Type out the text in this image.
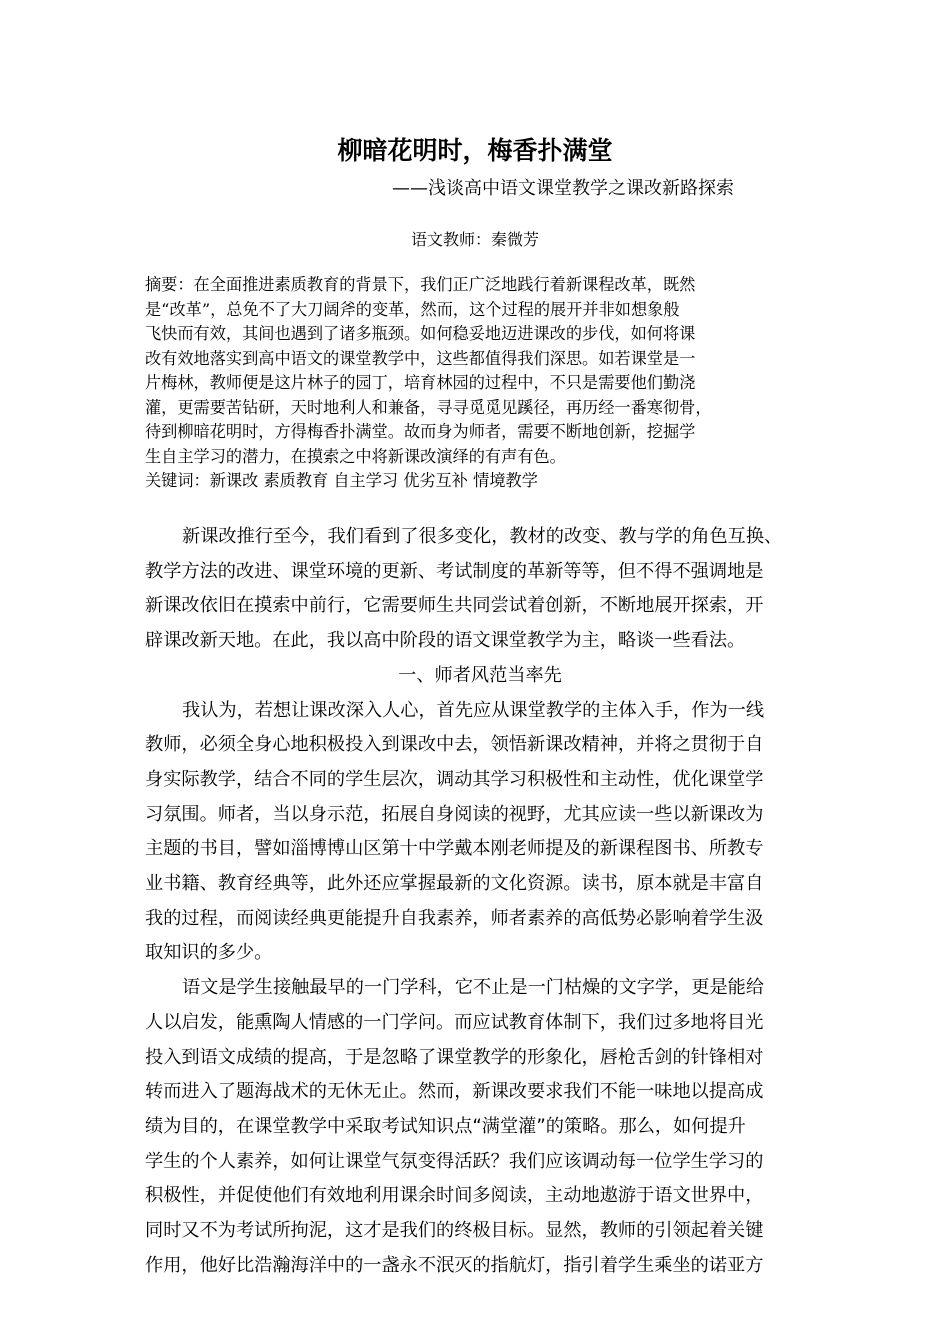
柳暗花明时，梅香扑满堂
——浅谈高中语文课堂教学之课改新路探索
语文教师：秦微芳
摘要：在全面推进素质教育的背景下，我们正广泛地践行着新课程改革，既然
是“改革”，总免不了大刀阔斧的变革，然而，这个过程的展开并非如想象般
飞快而有效，其间也遇到了诸多瓶颈。如何稳妥地迈进课改的步伐，如何将课
改有效地落实到高中语文的课堂教学中，这些都值得我们深思。如若课堂是一
片梅林，教师便是这片林子的园丁，培育林园的过程中，不只是需要他们勤浇
灌，更需要苦钻研，天时地利人和兼备，寻寻觅觅见蹊径，再历经一番寒彻骨，
待到柳暗花明时，方得梅香扑满堂。故而身为师者，需要不断地创新，挖掘学
生自主学习的潜力，在摸索之中将新课改演绎的有声有色。
关键词：新课改 素质教育 自主学习 优劣互补 情境教学
新课改推行至今，我们看到了很多变化，教材的改变、教与学的角色互换、
教学方法的改进、课堂环境的更新、考试制度的革新等等，但不得不强调地是
新课改依旧在摸索中前行，它需要师生共同尝试着创新，不断地展开探索，开
辟课改新天地。在此，我以高中阶段的语文课堂教学为主，略谈一些看法。
一、师者风范当率先
我认为，若想让课改深入人心，首先应从课堂教学的主体入手，作为一线
教师，必须全身心地积极投入到课改中去，领悟新课改精神，并将之贯彻于自
身实际教学，结合不同的学生层次，调动其学习积极性和主动性，优化课堂学
习氛围。师者，当以身示范，拓展自身阅读的视野，尤其应读一些以新课改为
主题的书目，譬如淄博博山区第十中学戴本刚老师提及的新课程图书、所教专
业书籍、教育经典等，此外还应掌握最新的文化资源。读书，原本就是丰富自
我的过程，而阅读经典更能提升自我素养，师者素养的高低势必影响着学生汲
取知识的多少。
语文是学生接触最早的一门学科，它不止是一门枯燥的文字学，更是能给
人以启发，能熏陶人情感的一门学问。而应试教育体制下，我们过多地将目光
投入到语文成绩的提高，于是忽略了课堂教学的形象化，唇枪舌剑的针锋相对
转而进入了题海战术的无休无止。然而，新课改要求我们不能一味地以提高成
绩为目的，在课堂教学中采取考试知识点“满堂灌”的策略。那么，如何提升
学生的个人素养，如何让课堂气氛变得活跃？我们应该调动每一位学生学习的
积极性，并促使他们有效地利用课余时间多阅读，主动地遨游于语文世界中，
同时又不为考试所拘泥，这才是我们的终极目标。显然，教师的引领起着关键
作用，他好比浩瀚海洋中的一盏永不泯灭的指航灯，指引着学生乘坐的诺亚方
